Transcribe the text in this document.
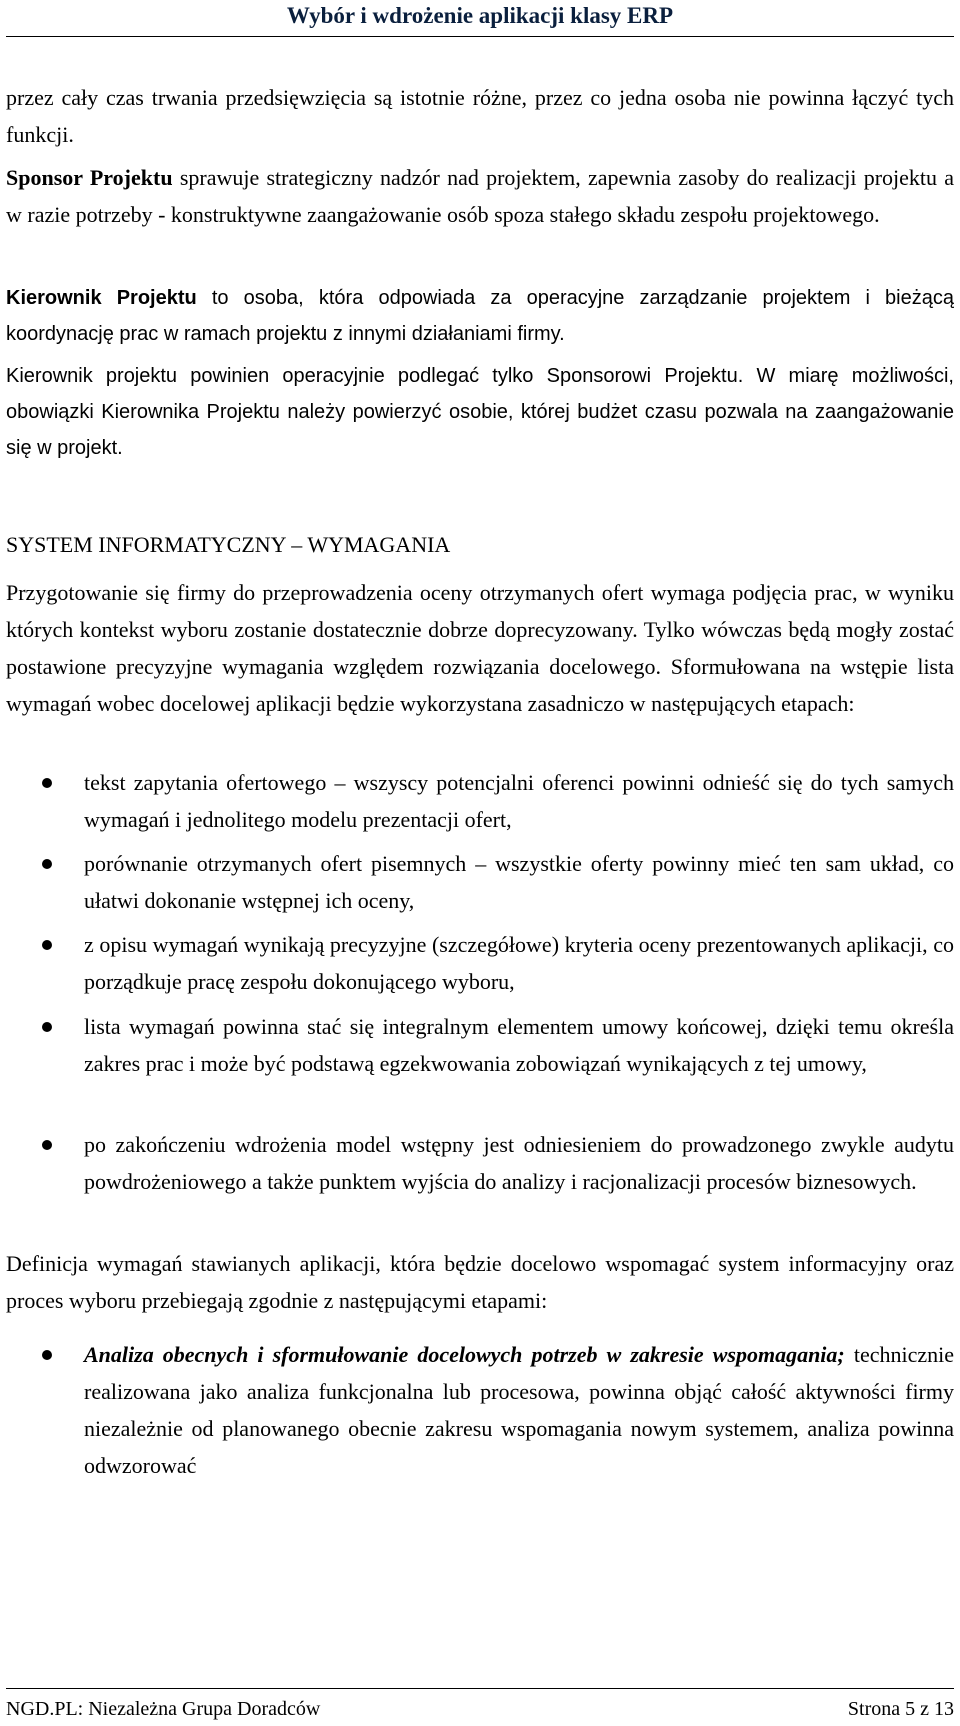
Wybór i wdrożenie aplikacji klasy ERP
przez cały czas trwania przedsięwzięcia są istotnie różne, przez co jedna osoba nie powinna łączyć tych funkcji.
Sponsor Projektu sprawuje strategiczny nadzór nad projektem, zapewnia zasoby do realizacji projektu a w razie potrzeby - konstruktywne zaangażowanie osób spoza stałego składu zespołu projektowego.
Kierownik Projektu to osoba, która odpowiada za operacyjne zarządzanie projektem i bieżącą koordynację prac w ramach projektu z innymi działaniami firmy.
Kierownik projektu powinien operacyjnie podlegać tylko Sponsorowi Projektu. W miarę możliwości, obowiązki Kierownika Projektu należy powierzyć osobie, której budżet czasu pozwala na zaangażowanie się w projekt.
SYSTEM INFORMATYCZNY – WYMAGANIA
Przygotowanie się firmy do przeprowadzenia oceny otrzymanych ofert wymaga podjęcia prac, w wyniku których kontekst wyboru zostanie dostatecznie dobrze doprecyzowany. Tylko wówczas będą mogły zostać postawione precyzyjne wymagania względem rozwiązania docelowego. Sformułowana na wstępie lista wymagań wobec docelowej aplikacji będzie wykorzystana zasadniczo w następujących etapach:
tekst zapytania ofertowego – wszyscy potencjalni oferenci powinni odnieść się do tych samych wymagań i jednolitego modelu prezentacji ofert,
porównanie otrzymanych ofert pisemnych – wszystkie oferty powinny mieć ten sam układ, co ułatwi dokonanie wstępnej ich oceny,
z opisu wymagań wynikają precyzyjne (szczegółowe) kryteria oceny prezentowanych aplikacji, co porządkuje pracę zespołu dokonującego wyboru,
lista wymagań powinna stać się integralnym elementem umowy końcowej, dzięki temu określa zakres prac i może być podstawą egzekwowania zobowiązań wynikających z tej umowy,
po zakończeniu wdrożenia model wstępny jest odniesieniem do prowadzonego zwykle audytu powdrożeniowego a także punktem wyjścia do analizy i racjonalizacji procesów biznesowych.
Definicja wymagań stawianych aplikacji, która będzie docelowo wspomagać system informacyjny oraz proces wyboru przebiegają zgodnie z następującymi etapami:
Analiza obecnych i sformułowanie docelowych potrzeb w zakresie wspomagania; technicznie realizowana jako analiza funkcjonalna lub procesowa, powinna objąć całość aktywności firmy niezależnie od planowanego obecnie zakresu wspomagania nowym systemem, analiza powinna odwzorować
NGD.PL: Niezależna Grupa Doradców	Strona 5 z 13
